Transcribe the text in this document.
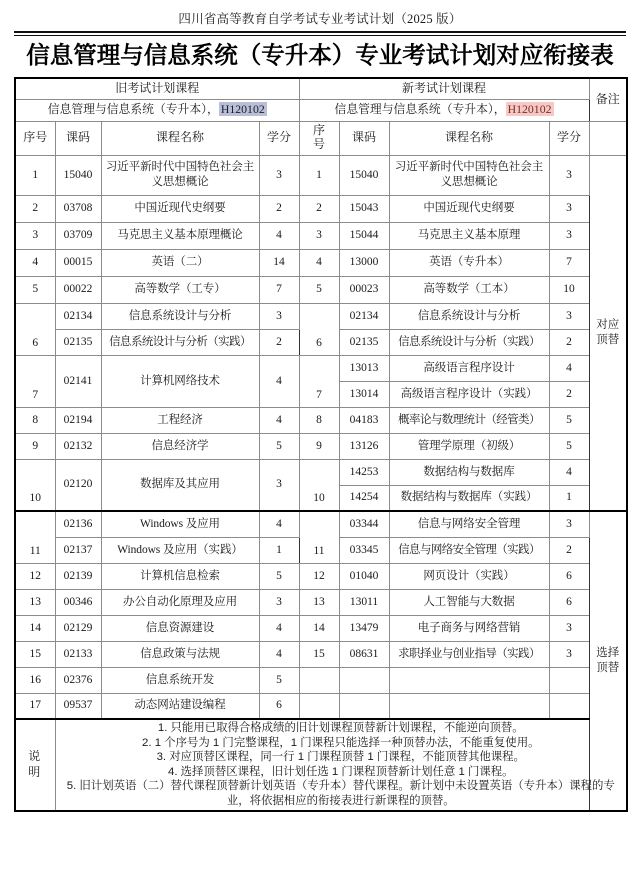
四川省高等教育自学考试专业考试计划（2025 版）
信息管理与信息系统（专升本）专业考试计划对应衔接表
旧考试计划课程				新考试计划课程				备注
信息管理与信息系统（专升本）， H120102				信息管理与信息系统（专升本）， H120102				
序号	课码	课程名称	学分	序
号	课码	课程名称	学分	
1	15040	习近平新时代中国特色社会主义思想概论	3	1	15040	习近平新时代中国特色社会主义思想概论	3	对应
顶替
2	03708	中国近现代史纲要	2	2	15043	中国近现代史纲要	3	
3	03709	马克思主义基本原理概论	4	3	15044	马克思主义基本原理	3	
4	00015	英语（二）	14	4	13000	英语（专升本）	7	
5	00022	高等数学（工专）	7	5	00023	高等数学（工本）	10	
6	02134	信息系统设计与分析	3	6	02134	信息系统设计与分析	3	
	02135	信息系统设计与分析（实践）	2		02135	信息系统设计与分析（实践）	2	
7	02141	计算机网络技术	4	7	13013	高级语言程序设计	4	
					13014	高级语言程序设计（实践）	2	
8	02194	工程经济	4	8	04183	概率论与数理统计（经管类）	5	
9	02132	信息经济学	5	9	13126	管理学原理（初级）	5	
10	02120	数据库及其应用	3	10	14253	数据结构与数据库	4	
					14254	数据结构与数据库（实践）	1	
11	02136	Windows 及应用	4	11	03344	信息与网络安全管理	3	选择
顶替
	02137	Windows 及应用（实践）	1		03345	信息与网络安全管理（实践）	2	
12	02139	计算机信息检索	5	12	01040	网页设计（实践）	6	
13	00346	办公自动化原理及应用	3	13	13011	人工智能与大数据	6	
14	02129	信息资源建设	4	14	13479	电子商务与网络营销	3	
15	02133	信息政策与法规	4	15	08631	求职择业与创业指导（实践）	3	
16	02376	信息系统开发	5					
17	09537	动态网站建设编程	6					
说
明	

1. 只能用已取得合格成绩的旧计划课程顶替新计划课程，不能逆向顶替。

2. 1 个序号为 1 门完整课程，1 门课程只能选择一种顶替办法，不能重复使用。

3. 对应顶替区课程，同一行 1 门课程顶替 1 门课程，不能顶替其他课程。

4. 选择顶替区课程，旧计划任选 1 门课程顶替新计划任意 1 门课程。

5. 旧计划英语（二）替代课程顶替新计划英语（专升本）替代课程。新计划中未设置英语（专升本）课程的专业，将依据相应的衔接表进行新课程的顶替。
